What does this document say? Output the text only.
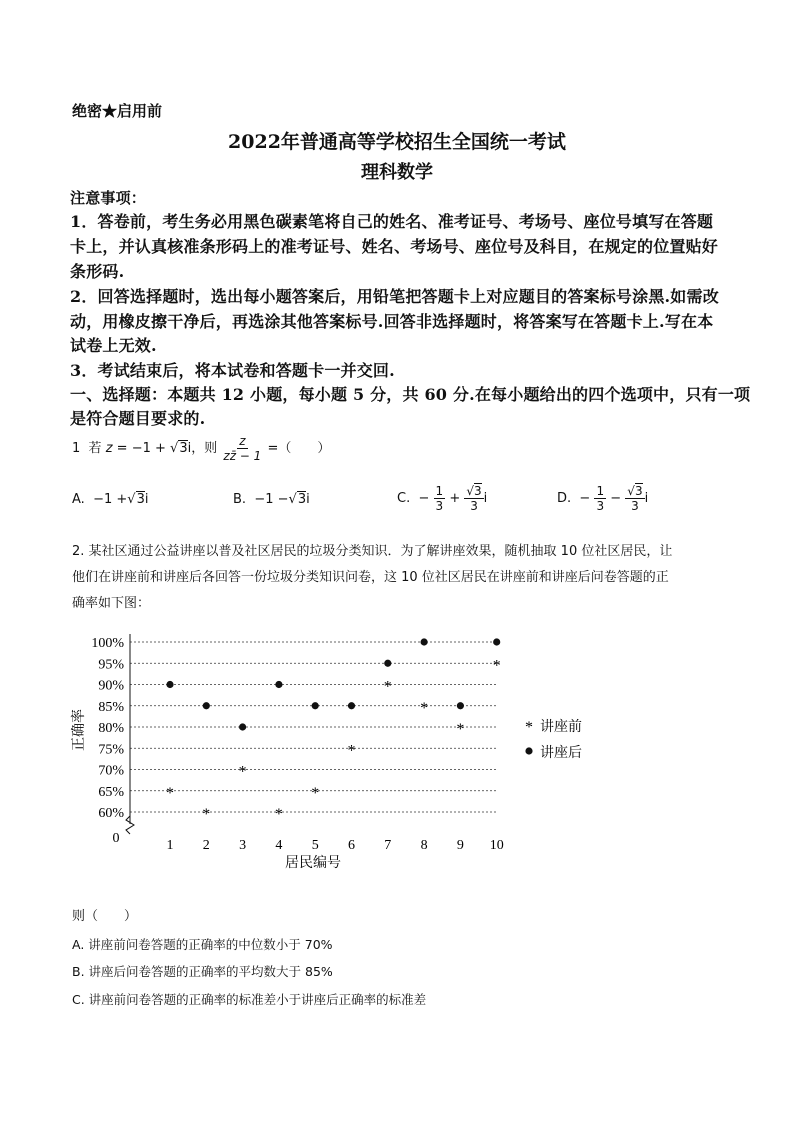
绝密★启用前
2022年普通高等学校招生全国统一考试
理科数学
注意事项：
1．答卷前，考生务必用黑色碳素笔将自己的姓名、准考证号、考场号、座位号填写在答题
卡上，并认真核准条形码上的准考证号、姓名、考场号、座位号及科目，在规定的位置贴好
条形码.
2．回答选择题时，选出每小题答案后，用铅笔把答题卡上对应题目的答案标号涂黑.如需改
动，用橡皮擦干净后，再选涂其他答案标号.回答非选择题时，将答案写在答题卡上.写在本
试卷上无效.
3．考试结束后，将本试卷和答题卡一并交回.
一、选择题：本题共 12 小题，每小题 5 分，共 60 分.在每小题给出的四个选项中，只有一项
是符合题目要求的.
1 若 z = −1 + √3i，则 $\frac{z}{zz̄ - 1}$ =（　　）
A. −1 +√3i	B. −1 −√3i	C. − $\frac{1}{3} + \frac{√3}{3}$ i	D. − $\frac{1}{3} - \frac{√3}{3}$ i
2. 某社区通过公益讲座以普及社区居民的垃圾分类知识．为了解讲座效果，随机抽取 10 位社区居民，让
他们在讲座前和讲座后各回答一份垃圾分类知识问卷，这 10 位社区居民在讲座前和讲座后问卷答题的正
确率如下图：
100%
95%
90%
85%
80%
75%
70%
65%
60%
1 2 3 4 5 6 7 8 9 10
*
*
*
*
*
*
*
*
*
*
0
居民编号
正确率	* 讲座前
讲座后
则（　　）
A. 讲座前问卷答题的正确率的中位数小于 70%
B. 讲座后问卷答题的正确率的平均数大于 85%
C. 讲座前问卷答题的正确率的标准差小于讲座后正确率的标准差
